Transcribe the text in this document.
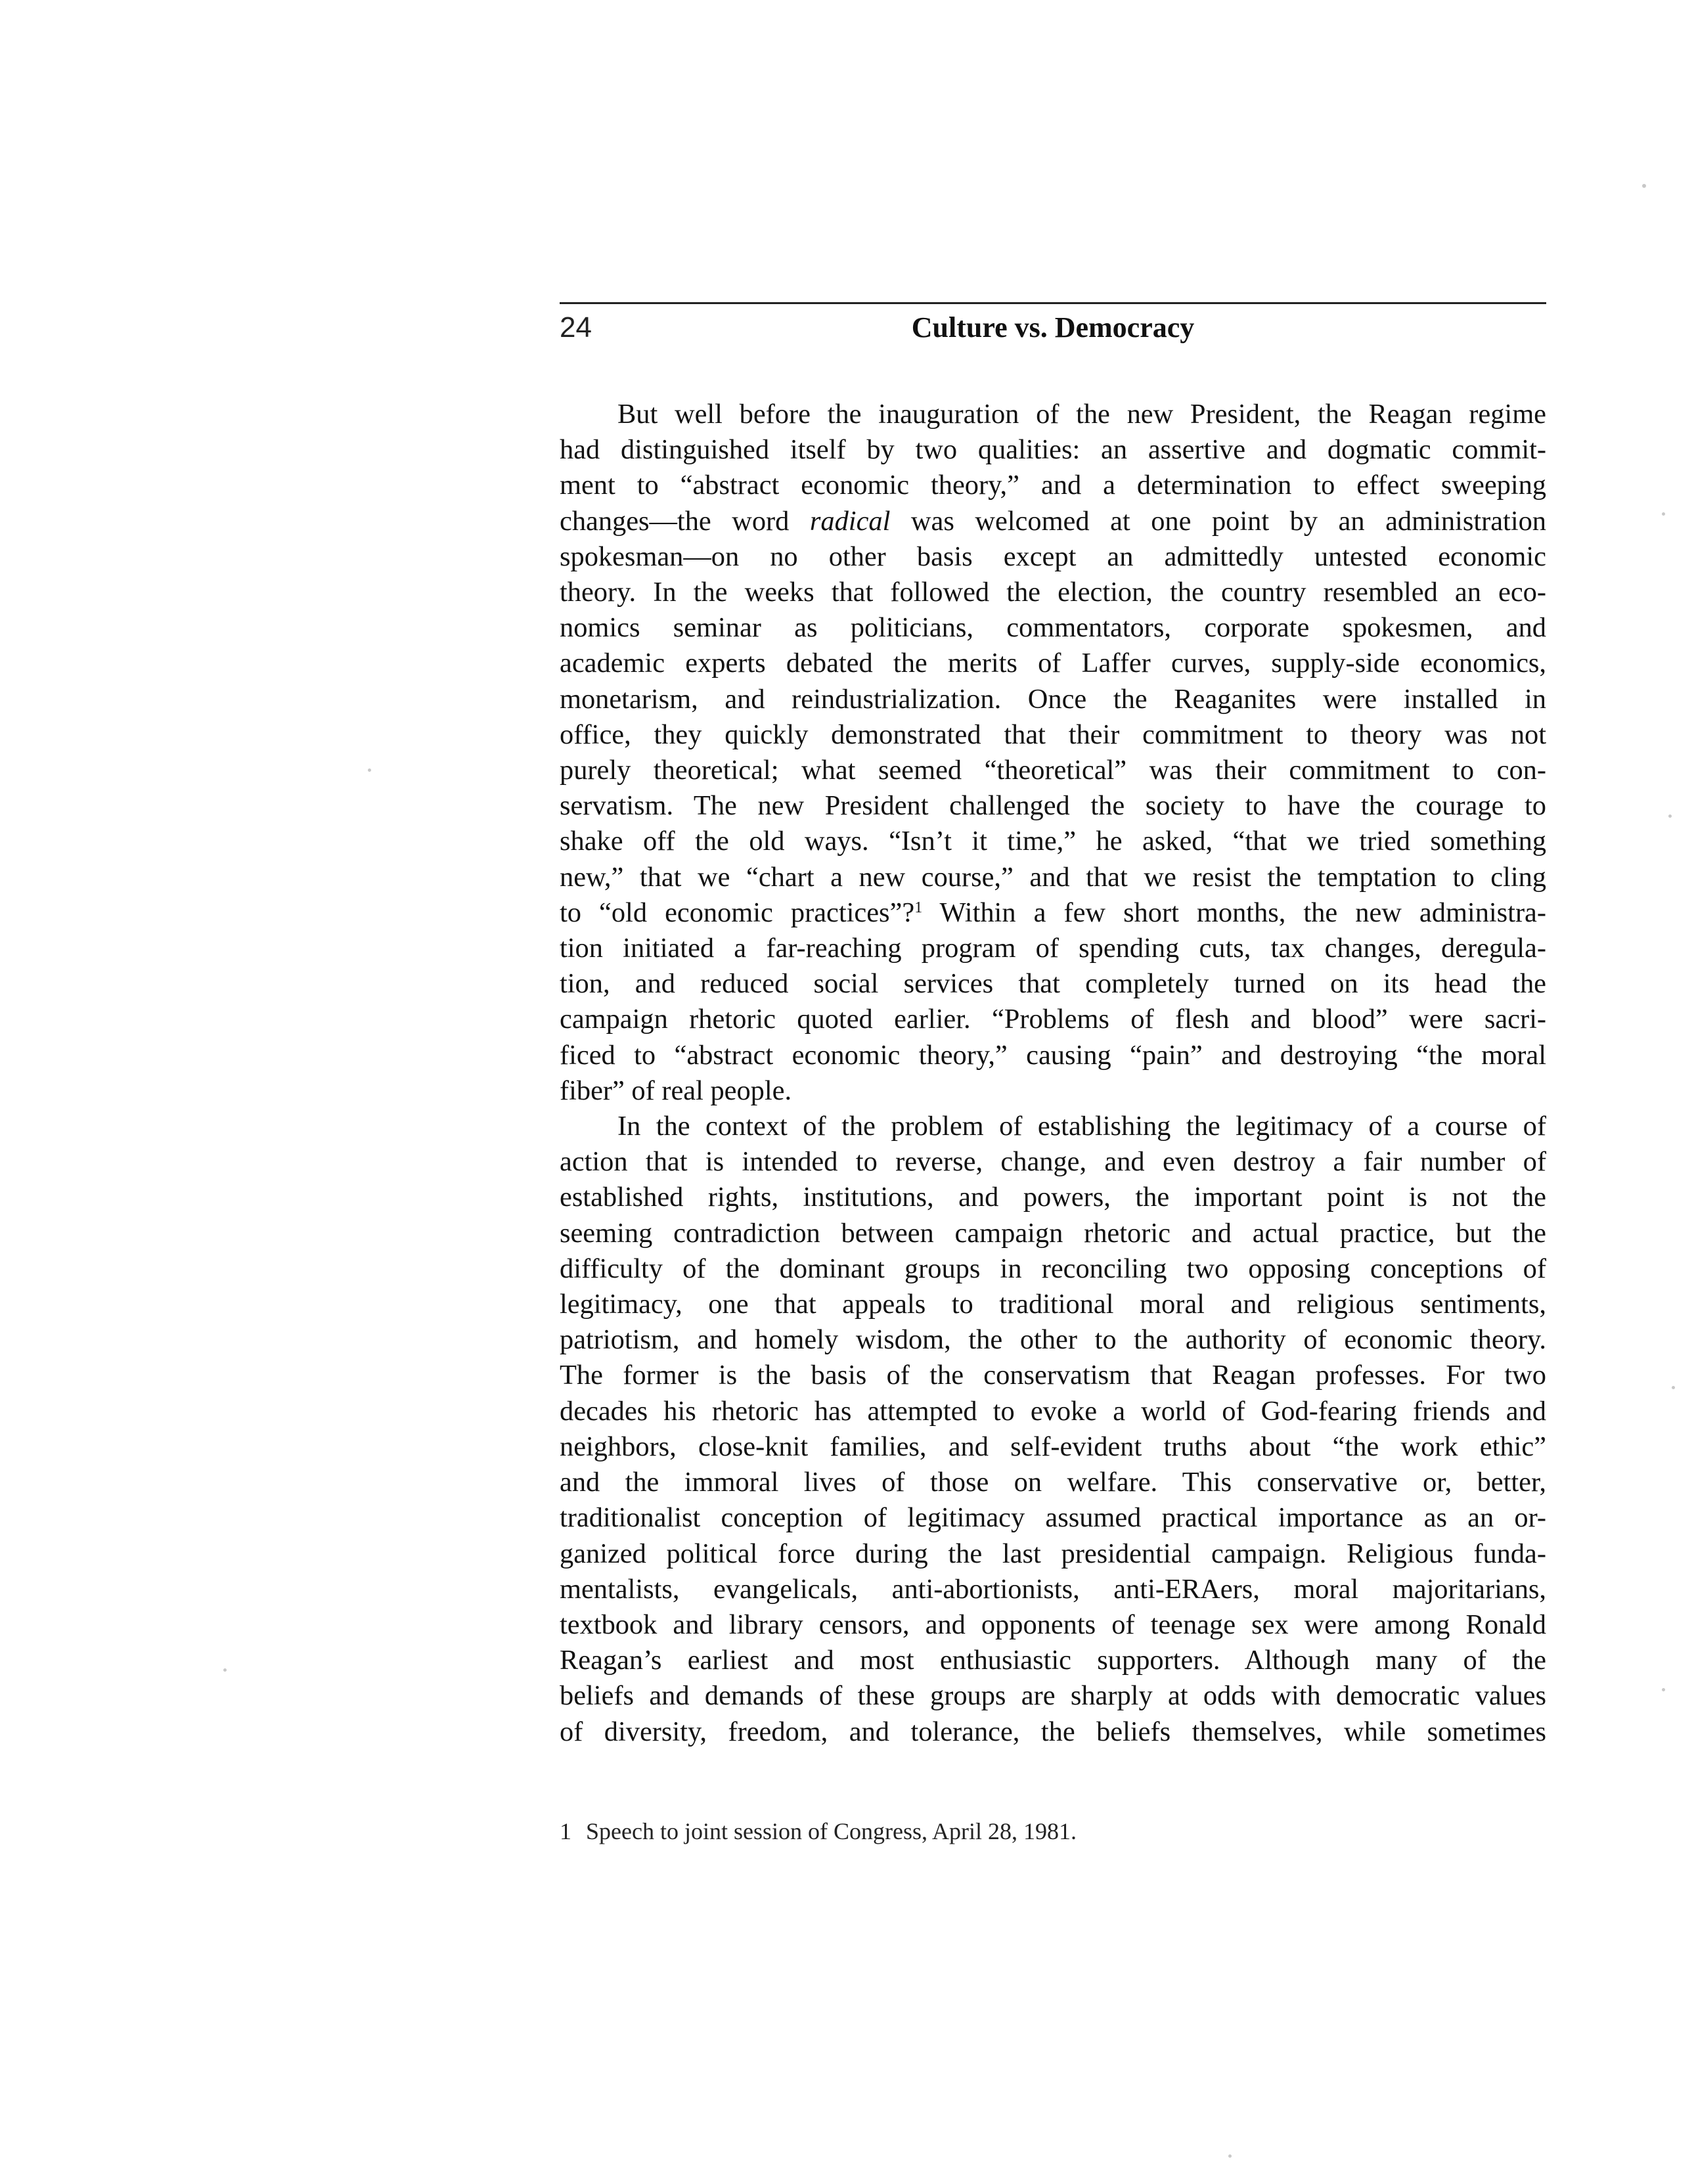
24	Culture vs. Democracy
But well before the inauguration of the new President, the Reagan regime
had distinguished itself by two qualities: an assertive and dogmatic commit-
ment to “abstract economic theory,” and a determination to effect sweeping
changes—the word radical was welcomed at one point by an administration
spokesman—on no other basis except an admittedly untested economic
theory. In the weeks that followed the election, the country resembled an eco-
nomics seminar as politicians, commentators, corporate spokesmen, and
academic experts debated the merits of Laffer curves, supply-side economics,
monetarism, and reindustrialization. Once the Reaganites were installed in
office, they quickly demonstrated that their commitment to theory was not
purely theoretical; what seemed “theoretical” was their commitment to con-
servatism. The new President challenged the society to have the courage to
shake off the old ways. “Isn’t it time,” he asked, “that we tried something
new,” that we “chart a new course,” and that we resist the temptation to cling
to “old economic practices”?$^1$ Within a few short months, the new administra-
tion initiated a far-reaching program of spending cuts, tax changes, deregula-
tion, and reduced social services that completely turned on its head the
campaign rhetoric quoted earlier. “Problems of flesh and blood” were sacri-
ficed to “abstract economic theory,” causing “pain” and destroying “the moral
fiber” of real people.
In the context of the problem of establishing the legitimacy of a course of
action that is intended to reverse, change, and even destroy a fair number of
established rights, institutions, and powers, the important point is not the
seeming contradiction between campaign rhetoric and actual practice, but the
difficulty of the dominant groups in reconciling two opposing conceptions of
legitimacy, one that appeals to traditional moral and religious sentiments,
patriotism, and homely wisdom, the other to the authority of economic theory.
The former is the basis of the conservatism that Reagan professes. For two
decades his rhetoric has attempted to evoke a world of God-fearing friends and
neighbors, close-knit families, and self-evident truths about “the work ethic”
and the immoral lives of those on welfare. This conservative or, better,
traditionalist conception of legitimacy assumed practical importance as an or-
ganized political force during the last presidential campaign. Religious funda-
mentalists, evangelicals, anti-abortionists, anti-ERAers, moral majoritarians,
textbook and library censors, and opponents of teenage sex were among Ronald
Reagan’s earliest and most enthusiastic supporters. Although many of the
beliefs and demands of these groups are sharply at odds with democratic values
of diversity, freedom, and tolerance, the beliefs themselves, while sometimes
1 Speech to joint session of Congress, April 28, 1981.
